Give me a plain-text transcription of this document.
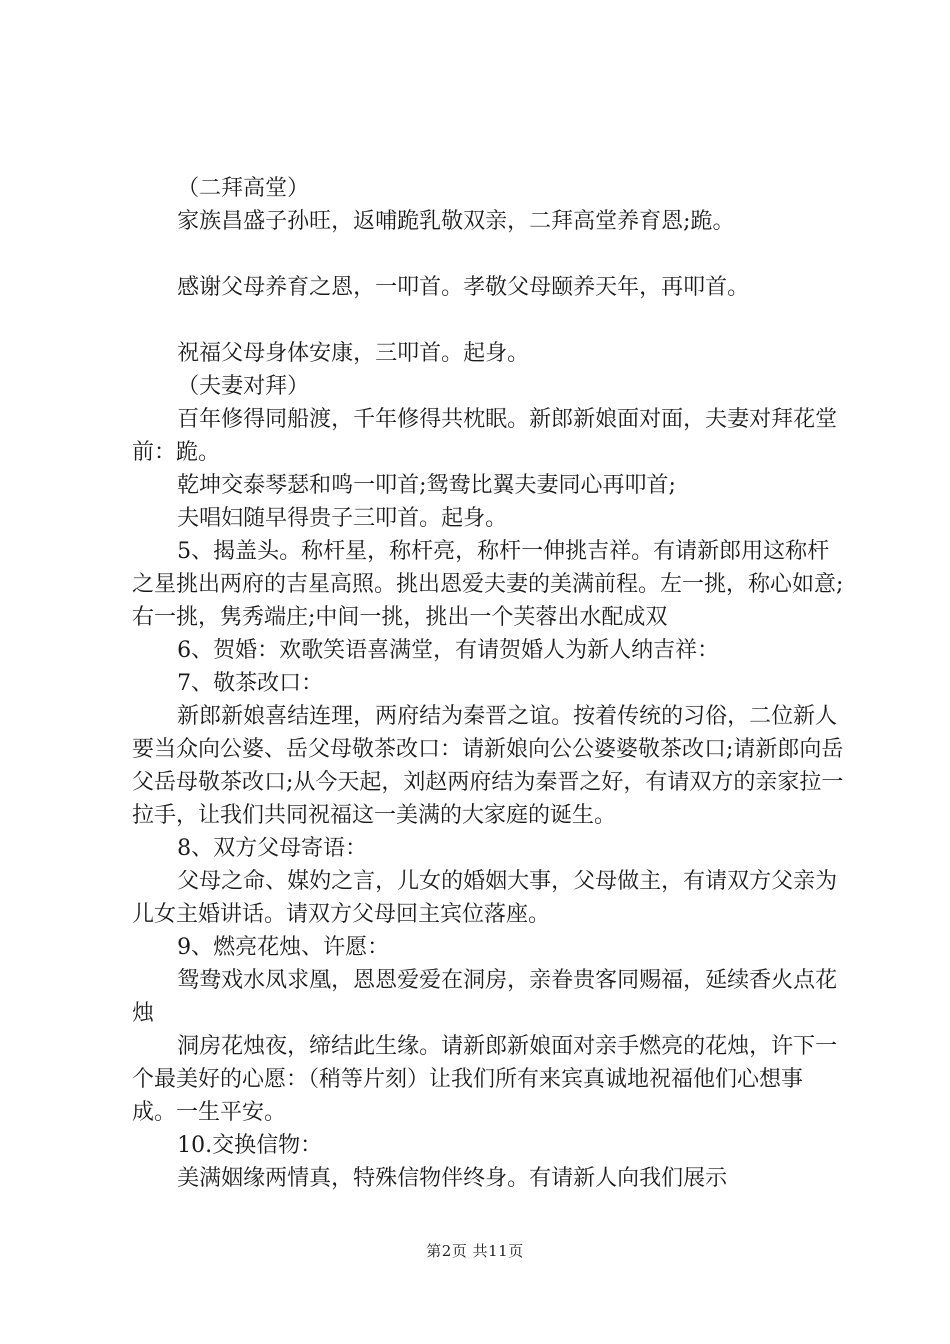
（二拜高堂）

家族昌盛子孙旺，返哺跪乳敬双亲，二拜高堂养育恩;跪。

感谢父母养育之恩，一叩首。孝敬父母颐养天年，再叩首。

祝福父母身体安康，三叩首。起身。

（夫妻对拜）

百年修得同船渡，千年修得共枕眠。新郎新娘面对面，夫妻对拜花堂前：跪。

乾坤交泰琴瑟和鸣一叩首;鸳鸯比翼夫妻同心再叩首;

夫唱妇随早得贵子三叩首。起身。

5、揭盖头。称杆星，称杆亮，称杆一伸挑吉祥。有请新郎用这称杆之星挑出两府的吉星高照。挑出恩爱夫妻的美满前程。左一挑，称心如意;右一挑，隽秀端庄;中间一挑，挑出一个芙蓉出水配成双

6、贺婚：欢歌笑语喜满堂，有请贺婚人为新人纳吉祥：

7、敬茶改口：

新郎新娘喜结连理，两府结为秦晋之谊。按着传统的习俗，二位新人要当众向公婆、岳父母敬茶改口：请新娘向公公婆婆敬茶改口;请新郎向岳父岳母敬茶改口;从今天起，刘赵两府结为秦晋之好，有请双方的亲家拉一拉手，让我们共同祝福这一美满的大家庭的诞生。

8、双方父母寄语：

父母之命、媒妁之言，儿女的婚姻大事，父母做主，有请双方父亲为儿女主婚讲话。请双方父母回主宾位落座。

9、燃亮花烛、许愿：

鸳鸯戏水凤求凰，恩恩爱爱在洞房，亲眷贵客同赐福，延续香火点花烛

洞房花烛夜，缔结此生缘。请新郎新娘面对亲手燃亮的花烛，许下一个最美好的心愿：（稍等片刻）让我们所有来宾真诚地祝福他们心想事成。一生平安。

10.交换信物：

美满姻缘两情真，特殊信物伴终身。有请新人向我们展示

第2页 共11页
